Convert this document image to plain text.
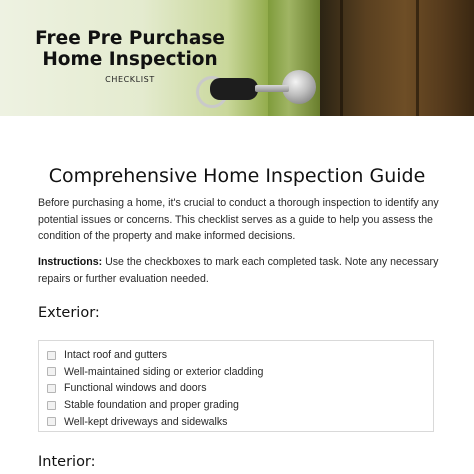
Free Pre Purchase
Home Inspection
CHECKLIST
Comprehensive Home Inspection Guide

Before purchasing a home, it's crucial to conduct a thorough inspection to identify any potential issues or concerns. This checklist serves as a guide to help you assess the condition of the property and make informed decisions.

Instructions: Use the checkboxes to mark each completed task. Note any necessary repairs or further evaluation needed.

Exterior:
Intact roof and gutters
Well-maintained siding or exterior cladding
Functional windows and doors
Stable foundation and proper grading
Well-kept driveways and sidewalks
Interior:
